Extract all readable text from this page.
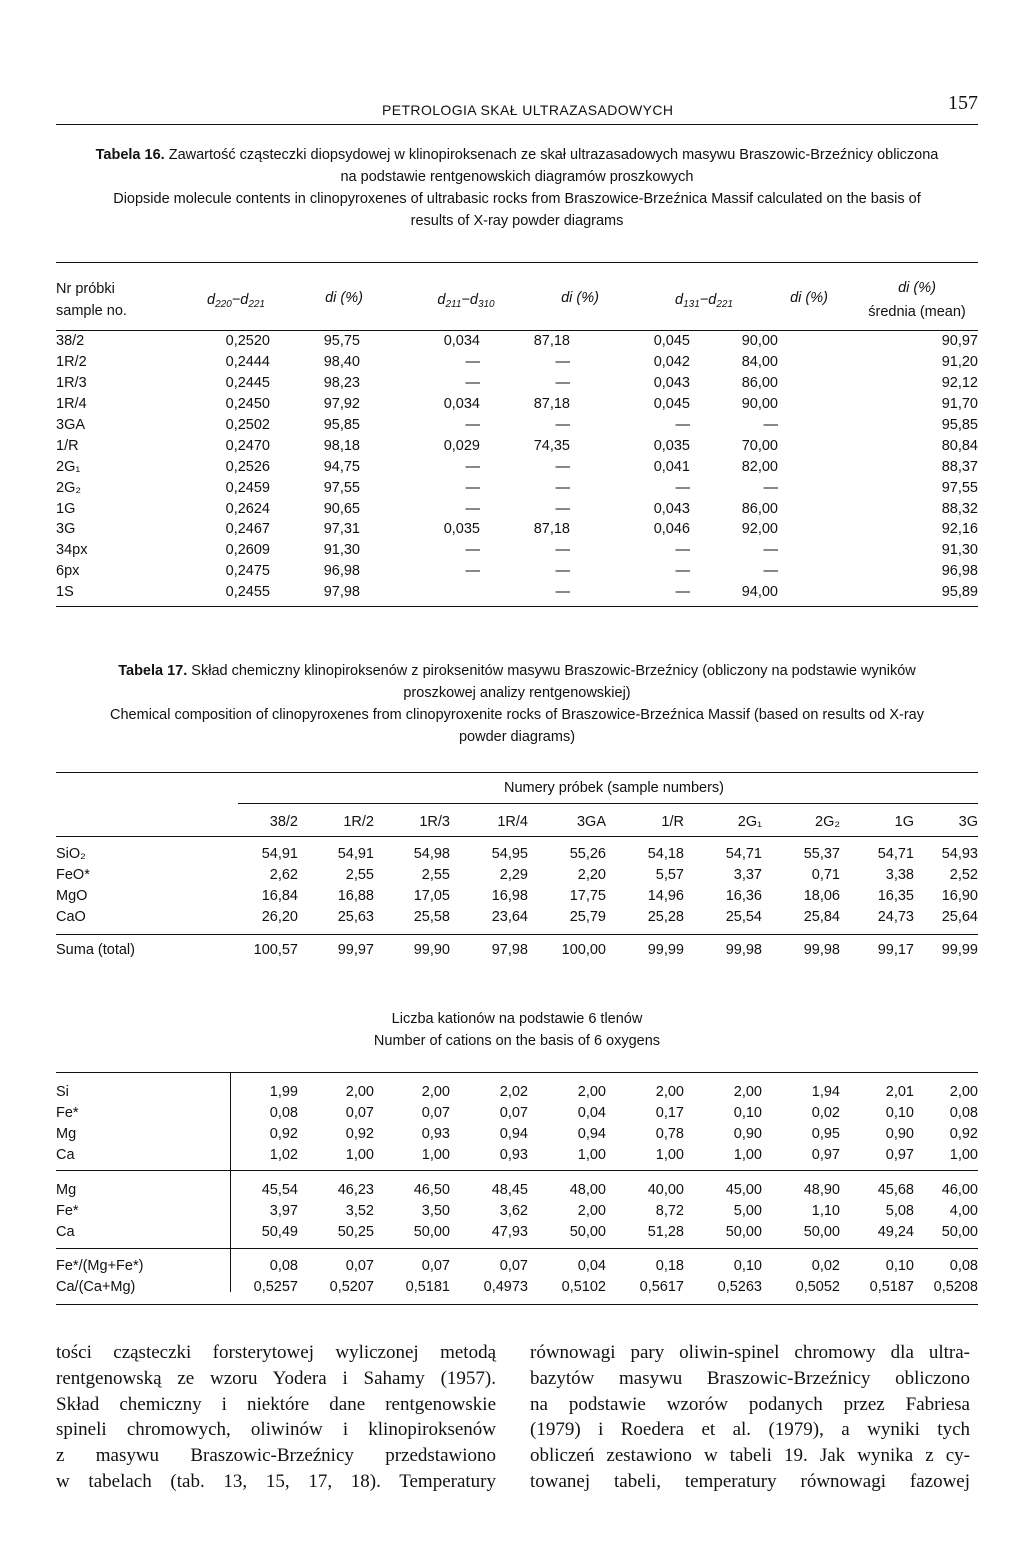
PETROLOGIA SKAŁ ULTRAZASADOWYCH	157

Tabela 16. Zawartość cząsteczki diopsydowej w klinopiroksenach ze skał ultrazasadowych masywu Braszowic-Brzeźnicy obliczona

na podstawie rentgenowskich diagramów proszkowych

Diopside molecule contents in clinopyroxenes of ultrabasic rocks from Braszowice-Brzeźnica Massif calculated on the basis of

results of X-ray powder diagrams

Nr próbki
sample no.
$d_{220}-d_{221}$	di (%)	$d_{211}-d_{310}$	di (%)	$d_{131}-d_{221}$	di (%)
di (%)
średnia (mean)
38/2	0,2520	95,75	0,034	87,18	0,045	90,00	90,97
1R/2	0,2444	98,40	—	—	0,042	84,00	91,20
1R/3	0,2445	98,23	—	—	0,043	86,00	92,12
1R/4	0,2450	97,92	0,034	87,18	0,045	90,00	91,70
3GA	0,2502	95,85	—	—	—	—	95,85
1/R	0,2470	98,18	0,029	74,35	0,035	70,00	80,84
2G₁	0,2526	94,75	—	—	0,041	82,00	88,37
2G₂	0,2459	97,55	—	—	—	—	97,55
1G	0,2624	90,65	—	—	0,043	86,00	88,32
3G	0,2467	97,31	0,035	87,18	0,046	92,00	92,16
34px	0,2609	91,30	—	—	—	—	91,30
6px	0,2475	96,98	—	—	—	—	96,98
1S	0,2455	97,98		—	—	94,00	95,89

Tabela 17. Skład chemiczny klinopiroksenów z piroksenitów masywu Braszowic-Brzeźnicy (obliczony na podstawie wyników

proszkowej analizy rentgenowskiej)

Chemical composition of clinopyroxenes from clinopyroxenite rocks of Braszowice-Brzeźnica Massif (based on results od X-ray

powder diagrams)

Numery próbek (sample numbers)
	38/2	1R/2	1R/3	1R/4	3GA	1/R	2G₁	2G₂	1G	3G
SiO₂	54,91	54,91	54,98	54,95	55,26	54,18	54,71	55,37	54,71	54,93
FeO*	2,62	2,55	2,55	2,29	2,20	5,57	3,37	0,71	3,38	2,52
MgO	16,84	16,88	17,05	16,98	17,75	14,96	16,36	18,06	16,35	16,90
CaO	26,20	25,63	25,58	23,64	25,79	25,28	25,54	25,84	24,73	25,64
Suma (total)	100,57	99,97	99,90	97,98	100,00	99,99	99,98	99,98	99,17	99,99
Liczba kationów na podstawie 6 tlenów
Number of cations on the basis of 6 oxygens
Si	1,99	2,00	2,00	2,02	2,00	2,00	2,00	1,94	2,01	2,00
Fe*	0,08	0,07	0,07	0,07	0,04	0,17	0,10	0,02	0,10	0,08
Mg	0,92	0,92	0,93	0,94	0,94	0,78	0,90	0,95	0,90	0,92
Ca	1,02	1,00	1,00	0,93	1,00	1,00	1,00	0,97	0,97	1,00
Mg	45,54	46,23	46,50	48,45	48,00	40,00	45,00	48,90	45,68	46,00
Fe*	3,97	3,52	3,50	3,62	2,00	8,72	5,00	1,10	5,08	4,00
Ca	50,49	50,25	50,00	47,93	50,00	51,28	50,00	50,00	49,24	50,00
Fe*/(Mg+Fe*)	0,08	0,07	0,07	0,07	0,04	0,18	0,10	0,02	0,10	0,08
Ca/(Ca+Mg)	0,5257	0,5207	0,5181	0,4973	0,5102	0,5617	0,5263	0,5052	0,5187	0,5208
tości cząsteczki forsterytowej wyliczonej metodą
rentgenowską ze wzoru Yodera i Sahamy (1957).
Skład chemiczny i niektóre dane rentgenowskie
spineli chromowych, oliwinów i klinopiroksenów
z masywu Braszowic-Brzeźnicy przedstawiono
w tabelach (tab. 13, 15, 17, 18). Temperatury
równowagi pary oliwin-spinel chromowy dla ultra-
bazytów masywu Braszowic-Brzeźnicy obliczono
na podstawie wzorów podanych przez Fabriesa
(1979) i Roedera et al. (1979), a wyniki tych
obliczeń zestawiono w tabeli 19. Jak wynika z cy-
towanej tabeli, temperatury równowagi fazowej
